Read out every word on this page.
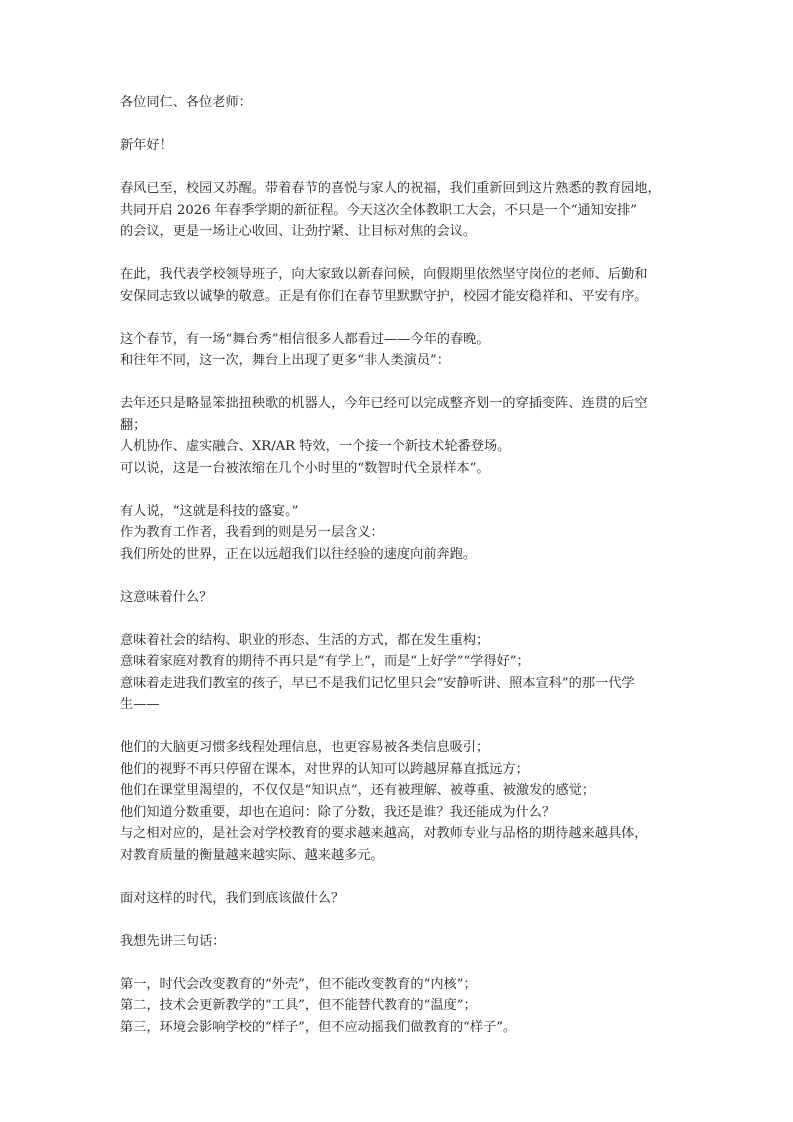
各位同仁、各位老师：

新年好！

春风已至，校园又苏醒。带着春节的喜悦与家人的祝福，我们重新回到这片熟悉的教育园地，
共同开启 2026 年春季学期的新征程。今天这次全体教职工大会，不只是一个“通知安排”
的会议，更是一场让心收回、让劲拧紧、让目标对焦的会议。

在此，我代表学校领导班子，向大家致以新春问候，向假期里依然坚守岗位的老师、后勤和
安保同志致以诚挚的敬意。正是有你们在春节里默默守护，校园才能安稳祥和、平安有序。

这个春节，有一场“舞台秀”相信很多人都看过——今年的春晚。
和往年不同，这一次，舞台上出现了更多“非人类演员”：

去年还只是略显笨拙扭秧歌的机器人，今年已经可以完成整齐划一的穿插变阵、连贯的后空
翻；
人机协作、虚实融合、XR/AR 特效，一个接一个新技术轮番登场。
可以说，这是一台被浓缩在几个小时里的“数智时代全景样本”。

有人说，“这就是科技的盛宴。”
作为教育工作者，我看到的则是另一层含义：
我们所处的世界，正在以远超我们以往经验的速度向前奔跑。

这意味着什么？

意味着社会的结构、职业的形态、生活的方式，都在发生重构；
意味着家庭对教育的期待不再只是“有学上”，而是“上好学”“学得好”；
意味着走进我们教室的孩子，早已不是我们记忆里只会“安静听讲、照本宣科”的那一代学
生——

他们的大脑更习惯多线程处理信息，也更容易被各类信息吸引；
他们的视野不再只停留在课本，对世界的认知可以跨越屏幕直抵远方；
他们在课堂里渴望的，不仅仅是“知识点”，还有被理解、被尊重、被激发的感觉；
他们知道分数重要，却也在追问：除了分数，我还是谁？我还能成为什么？
与之相对应的，是社会对学校教育的要求越来越高，对教师专业与品格的期待越来越具体，
对教育质量的衡量越来越实际、越来越多元。

面对这样的时代，我们到底该做什么？

我想先讲三句话：

第一，时代会改变教育的“外壳”，但不能改变教育的“内核”；
第二，技术会更新教学的“工具”，但不能替代教育的“温度”；
第三，环境会影响学校的“样子”，但不应动摇我们做教育的“样子”。
